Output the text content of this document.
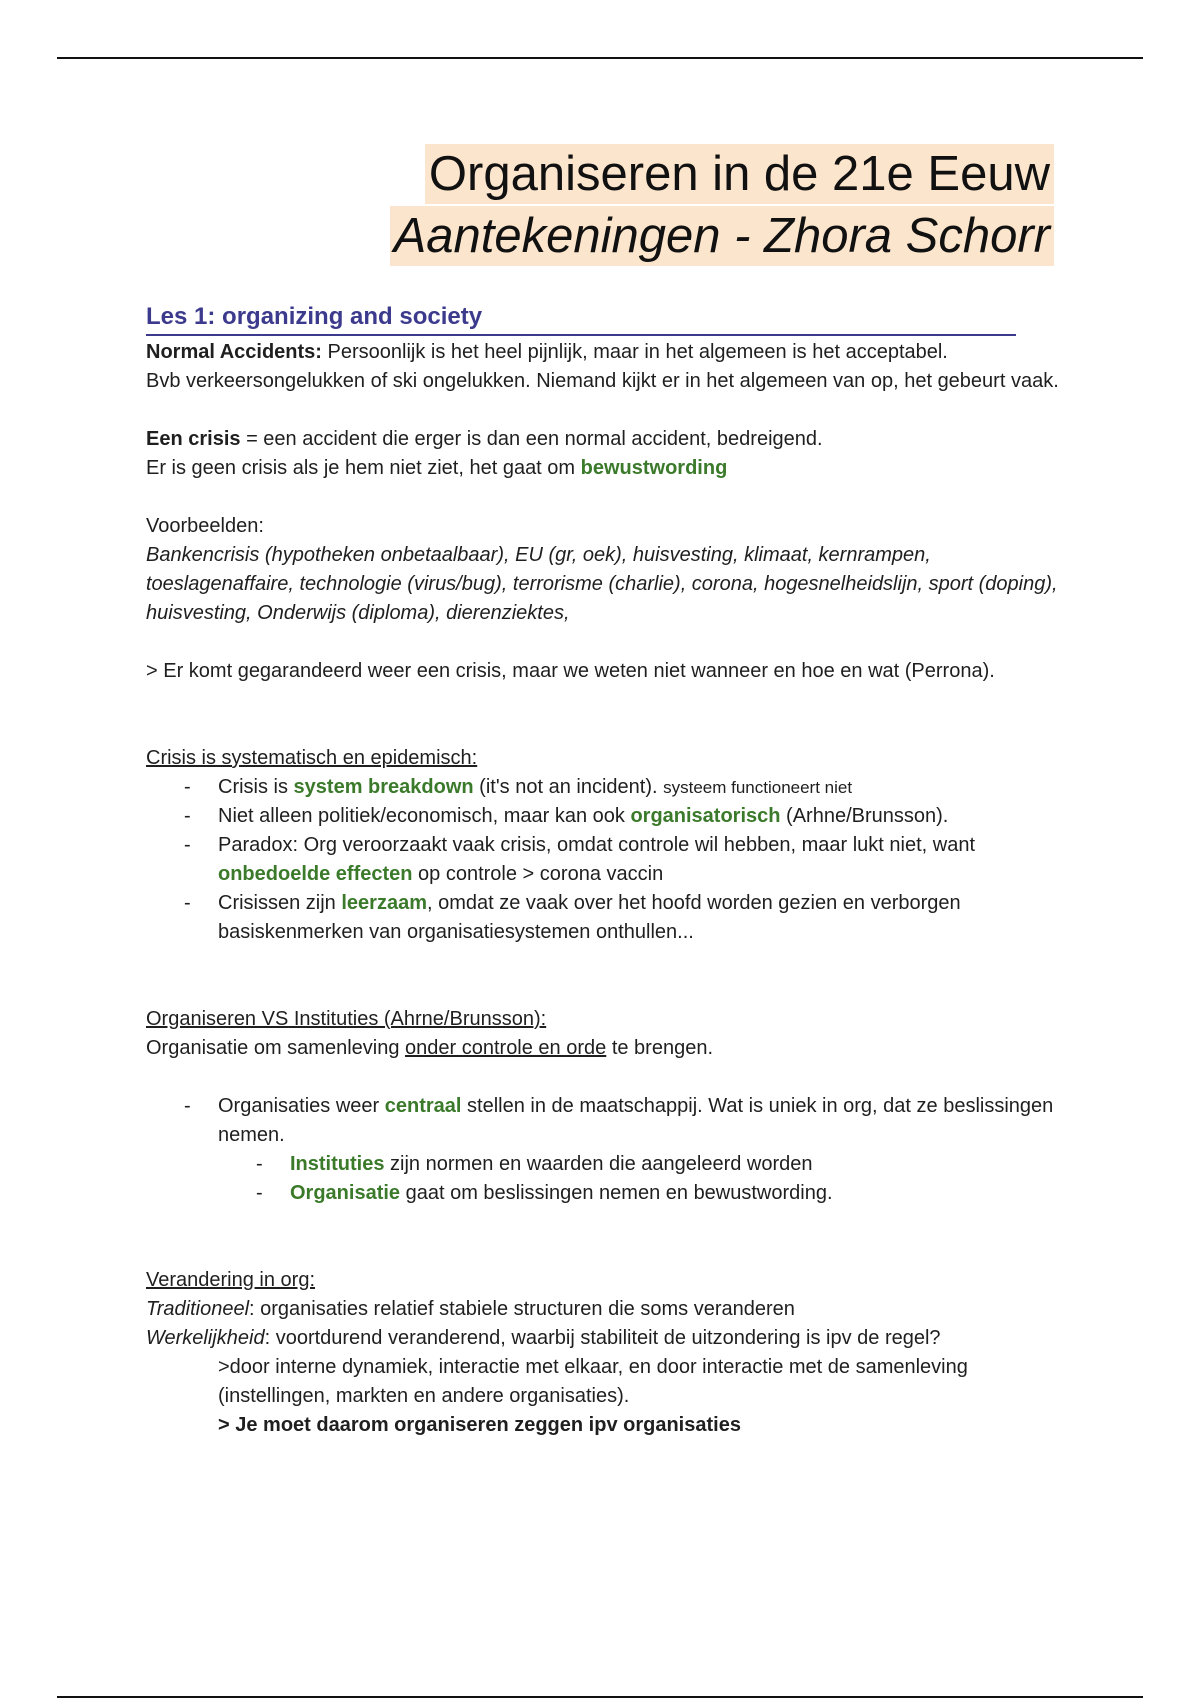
Organiseren in de 21e Eeuw
Aantekeningen - Zhora Schorr
Les 1: organizing and society

Normal Accidents: Persoonlijk is het heel pijnlijk, maar in het algemeen is het acceptabel.
Bvb verkeersongelukken of ski ongelukken. Niemand kijkt er in het algemeen van op, het gebeurt vaak.

Een crisis = een accident die erger is dan een normal accident, bedreigend.
Er is geen crisis als je hem niet ziet, het gaat om bewustwording

Voorbeelden:

Bankencrisis (hypotheken onbetaalbaar), EU (gr, oek), huisvesting, klimaat, kernrampen, toeslagenaffaire, technologie (virus/bug), terrorisme (charlie), corona, hogesnelheidslijn, sport (doping), huisvesting, Onderwijs (diploma), dierenziektes,

> Er komt gegarandeerd weer een crisis, maar we weten niet wanneer en hoe en wat (Perrona).

Crisis is systematisch en epidemisch:

- Crisis is system breakdown (it's not an incident). systeem functioneert niet
- Niet alleen politiek/economisch, maar kan ook organisatorisch (Arhne/Brunsson).
- Paradox: Org veroorzaakt vaak crisis, omdat controle wil hebben, maar lukt niet, want onbedoelde effecten op controle > corona vaccin
- Crisissen zijn leerzaam, omdat ze vaak over het hoofd worden gezien en verborgen basiskenmerken van organisatiesystemen onthullen...

Organiseren VS Instituties (Ahrne/Brunsson):

Organisatie om samenleving onder controle en orde te brengen.

- Organisaties weer centraal stellen in de maatschappij. Wat is uniek in org, dat ze beslissingen nemen.
- Instituties zijn normen en waarden die aangeleerd worden
- Organisatie gaat om beslissingen nemen en bewustwording.

Verandering in org:

Traditioneel: organisaties relatief stabiele structuren die soms veranderen

Werkelijkheid: voortdurend veranderend, waarbij stabiliteit de uitzondering is ipv de regel?

>door interne dynamiek, interactie met elkaar, en door interactie met de samenleving (instellingen, markten en andere organisaties).

> Je moet daarom organiseren zeggen ipv organisaties
